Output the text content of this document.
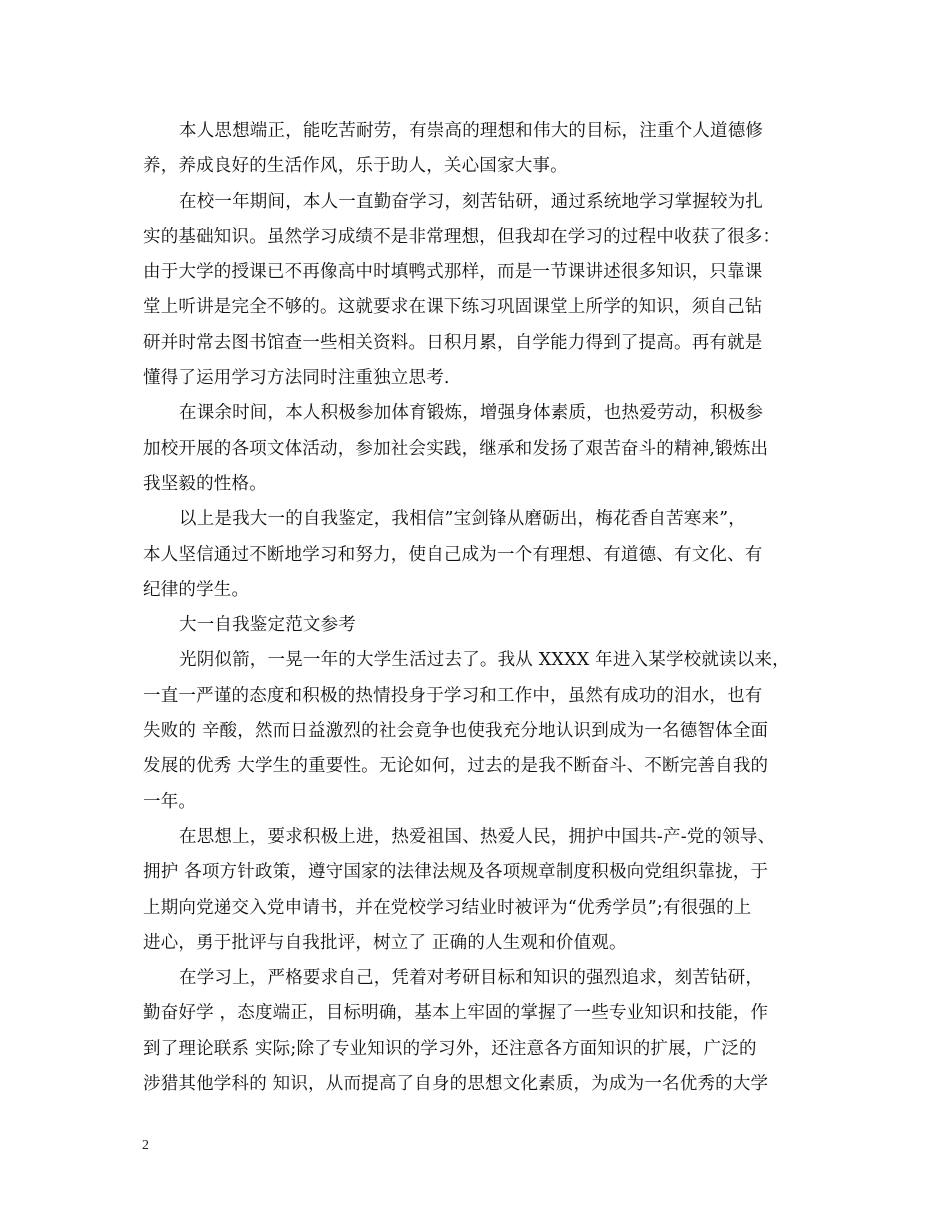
本人思想端正，能吃苦耐劳，有崇高的理想和伟大的目标，注重个人道德修
养，养成良好的生活作风，乐于助人，关心国家大事。
在校一年期间，本人一直勤奋学习，刻苦钻研，通过系统地学习掌握较为扎
实的基础知识。虽然学习成绩不是非常理想，但我却在学习的过程中收获了很多：
由于大学的授课已不再像高中时填鸭式那样，而是一节课讲述很多知识，只靠课
堂上听讲是完全不够的。这就要求在课下练习巩固课堂上所学的知识，须自己钻
研并时常去图书馆查一些相关资料。日积月累，自学能力得到了提高。再有就是
懂得了运用学习方法同时注重独立思考.
在课余时间，本人积极参加体育锻炼，增强身体素质，也热爱劳动，积极参
加校开展的各项文体活动，参加社会实践，继承和发扬了艰苦奋斗的精神,锻炼出
我坚毅的性格。
以上是我大一的自我鉴定，我相信”宝剑锋从磨砺出，梅花香自苦寒来”，
本人坚信通过不断地学习和努力，使自己成为一个有理想、有道德、有文化、有
纪律的学生。
大一自我鉴定范文参考
光阴似箭，一晃一年的大学生活过去了。我从 XXXX 年进入某学校就读以来，
一直一严谨的态度和积极的热情投身于学习和工作中，虽然有成功的泪水，也有
失败的 辛酸，然而日益激烈的社会竟争也使我充分地认识到成为一名德智体全面
发展的优秀 大学生的重要性。无论如何，过去的是我不断奋斗、不断完善自我的
一年。
在思想上，要求积极上进，热爱祖国、热爱人民，拥护中国共-产-党的领导、
拥护 各项方针政策，遵守国家的法律法规及各项规章制度积极向党组织靠拢，于
上期向党递交入党申请书，并在党校学习结业时被评为“优秀学员”;有很强的上
进心，勇于批评与自我批评，树立了 正确的人生观和价值观。
在学习上，严格要求自己，凭着对考研目标和知识的强烈追求，刻苦钻研，
勤奋好学 ，态度端正，目标明确，基本上牢固的掌握了一些专业知识和技能，作
到了理论联系 实际;除了专业知识的学习外，还注意各方面知识的扩展，广泛的
涉猎其他学科的 知识，从而提高了自身的思想文化素质，为成为一名优秀的大学
2
